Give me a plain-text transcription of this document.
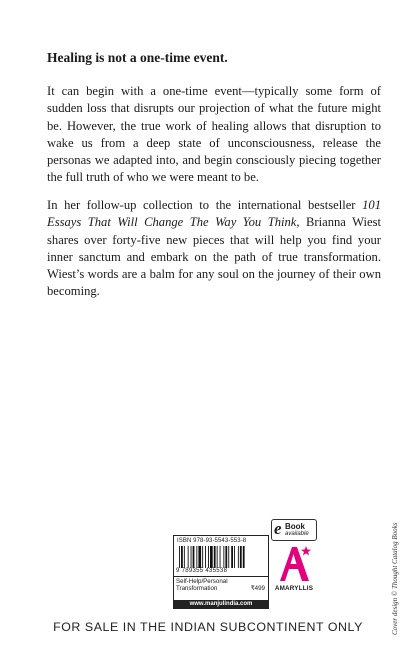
Healing is not a one-time event.

It can begin with a one-time event—typically some form of sudden loss that disrupts our projection of what the future might be. However, the true work of healing allows that disruption to wake us from a deep state of unconsciousness, release the personas we adapted into, and begin consciously piecing together the full truth of who we were meant to be.

In her follow-up collection to the international bestseller 101 Essays That Will Change The Way You Think, Brianna Wiest shares over forty-five new pieces that will help you find your inner sanctum and embark on the path of true transformation. Wiest’s words are a balm for any soul on the journey of their own becoming.

Cover design © Thought Catalog Books
e Book
available
ISBN 978-93-5543-553-8
9 789355 435538
Self-Help/Personal Transformation	₹499
www.manjulindia.com
AMARYLLIS
FOR SALE IN THE INDIAN SUBCONTINENT ONLY
